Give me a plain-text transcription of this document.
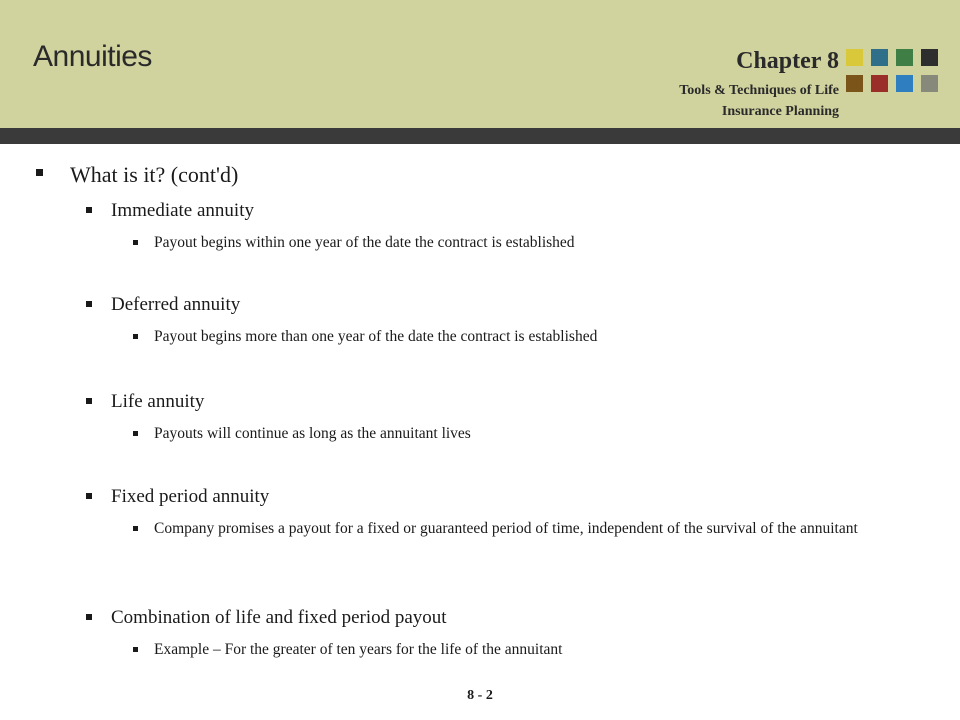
Annuities	Chapter 8
Tools & Techniques of Life
Insurance Planning
What is it? (cont'd)
Immediate annuity
Payout begins within one year of the date the contract is established
Deferred annuity
Payout begins more than one year of the date the contract is established
Life annuity
Payouts will continue as long as the annuitant lives
Fixed period annuity
Company promises a payout for a fixed or guaranteed period of time, independent of the survival of the annuitant
Combination of life and fixed period payout
Example – For the greater of ten years for the life of the annuitant
8 - 2
